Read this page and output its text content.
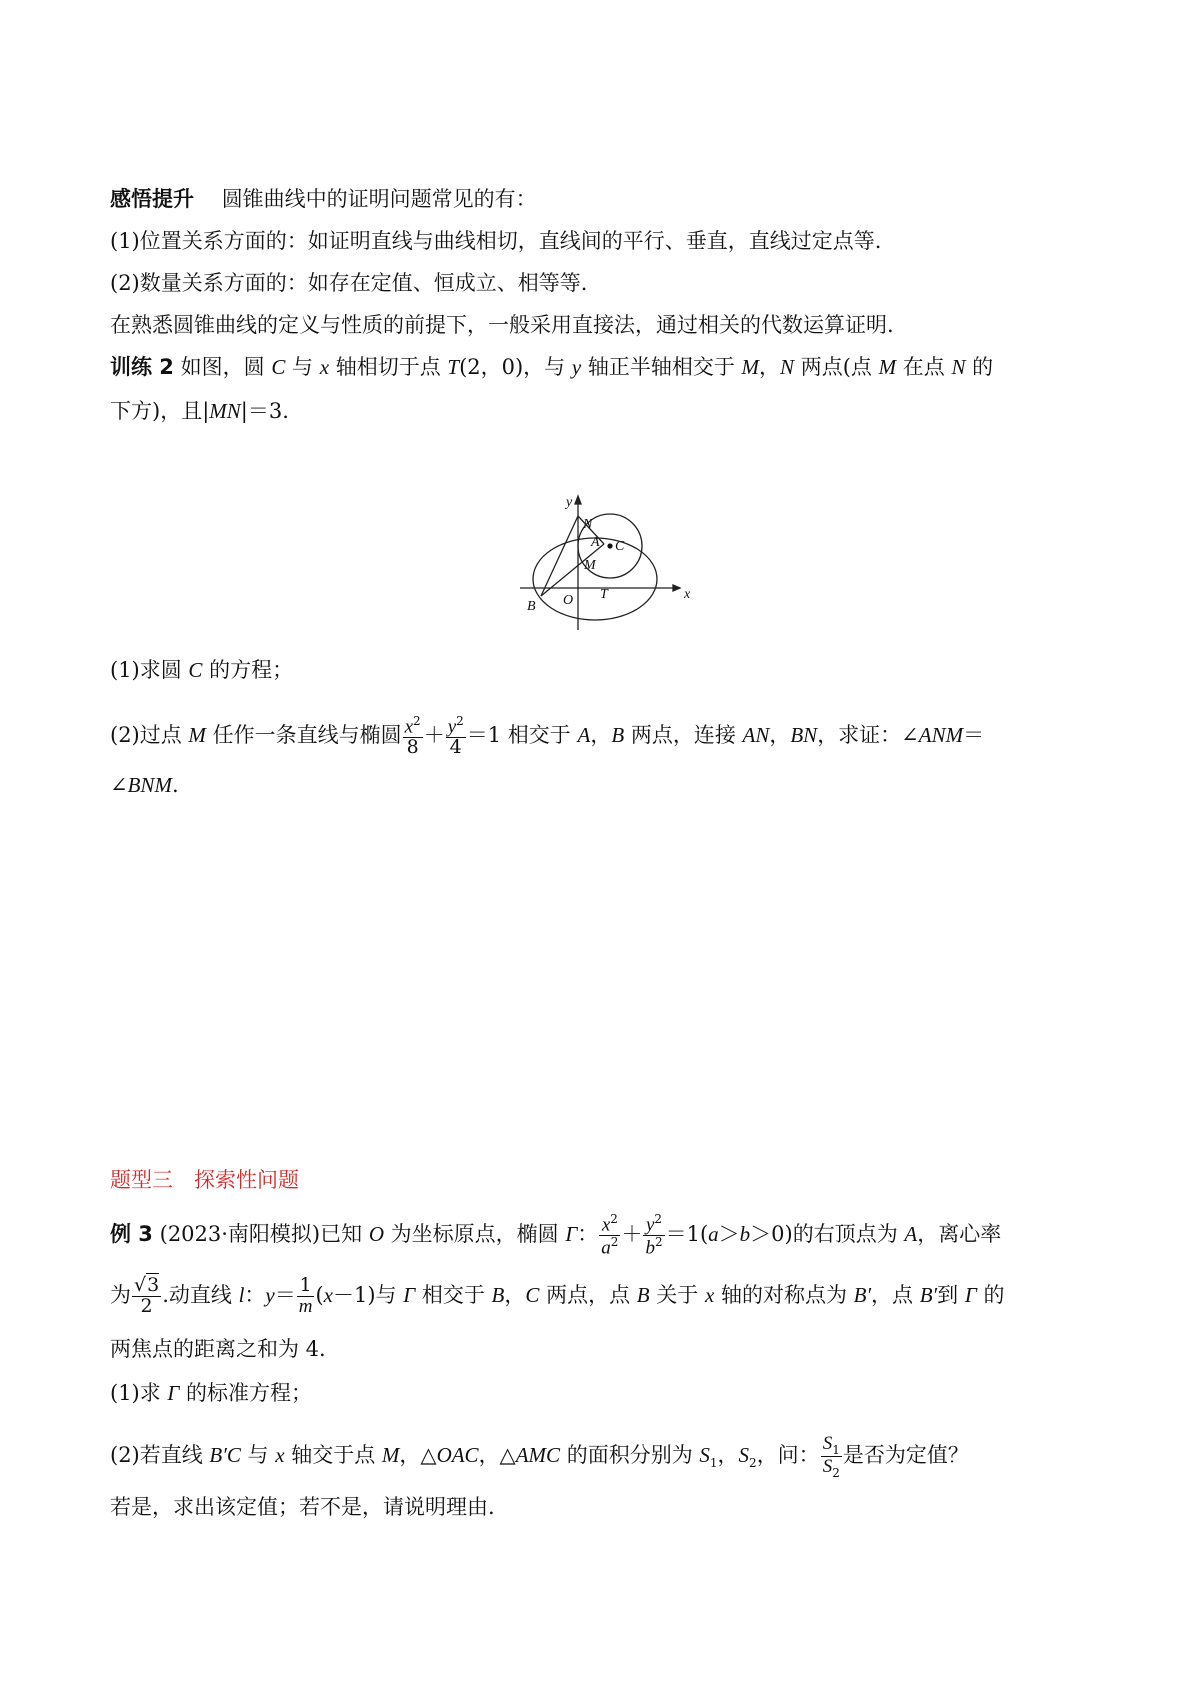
感悟提升　 圆锥曲线中的证明问题常见的有：
(1)位置关系方面的：如证明直线与曲线相切，直线间的平行、垂直，直线过定点等.
(2)数量关系方面的：如存在定值、恒成立、相等等.
在熟悉圆锥曲线的定义与性质的前提下，一般采用直接法，通过相关的代数运算证明.
训练 2 如图，圆 C 与 x 轴相切于点 T(2，0)，与 y 轴正半轴相交于 M，N 两点(点 M 在点 N 的
下方)，且|MN|＝3.
y
x
N
A C
M
O T
B
(1)求圆 C 的方程；
(2)过点 M 任作一条直线与椭圆 $\frac{x^2}{8} + \frac{y^2}{4} =1$ 相交于 A，B 两点，连接 AN，BN，求证：∠ANM＝
∠BNM.
题型三　探索性问题
例 3 (2023·南阳模拟)已知 O 为坐标原点，椭圆 Γ： $\frac{x^2}{a^2} + \frac{y^2}{b^2} =1(a>b>0)$的右顶点为 A，离心率
为 $\frac{√3}{2}$ .动直线 l：$y= \frac{1}{m} (x-1)$与 Γ 相交于 B，C 两点，点 B 关于 x 轴的对称点为 B′，点 B′到 Γ 的
两焦点的距离之和为 4.
(1)求 Γ 的标准方程；
(2)若直线 B′C 与 x 轴交于点 M，△OAC，△AMC 的面积分别为 $S_1$，$S_2$，问： $\frac{S_1}{S_2}$ 是否为定值？
若是，求出该定值；若不是，请说明理由.
